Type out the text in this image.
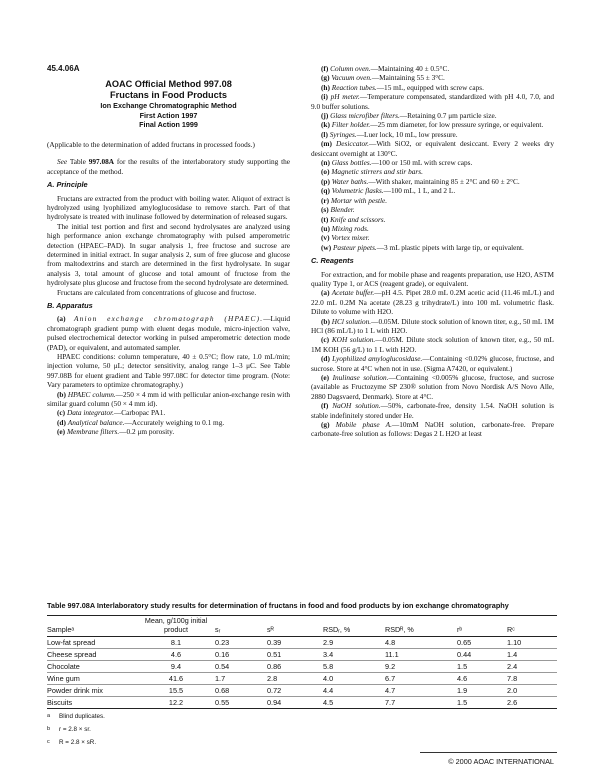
45.4.06A
AOAC Official Method 997.08
Fructans in Food Products
Ion Exchange Chromatographic Method
First Action 1997
Final Action 1999

(Applicable to the determination of added fructans in processed foods.)

See Table 997.08A for the results of the interlaboratory study supporting the acceptance of the method.

A. Principle

Fructans are extracted from the product with boiling water. Aliquot of extract is hydrolyzed using lyophilized amyloglucosidase to remove starch. Part of that hydrolysate is treated with inulinase followed by determination of released sugars.

The initial test portion and first and second hydrolysates are analyzed using high performance anion exchange chromatography with pulsed amperometric detection (HPAEC–PAD). In sugar analysis 1, free fructose and sucrose are determined in initial extract. In sugar analysis 2, sum of free glucose and glucose from maltodextrins and starch are determined in the first hydrolysate. In sugar analysis 3, total amount of glucose and total amount of fructose from the hydrolysate plus glucose and fructose from the second hydrolysate are determined.

Fructans are calculated from concentrations of glucose and fructose.

B. Apparatus

(a) Anion exchange chromatograph (HPAEC).—Liquid chromatograph gradient pump with eluent degas module, micro-injection valve, pulsed electrochemical detector working in pulsed amperometric detection mode (PAD), or equivalent, and automated sampler.

HPAEC conditions: column temperature, 40 ± 0.5°C; flow rate, 1.0 mL/min; injection volume, 50 μL; detector sensitivity, analog range 1–3 μC. See Table 997.08B for eluent gradient and Table 997.08C for detector time program. (Note: Vary parameters to optimize chromatography.)

(b) HPAEC column.—250 × 4 mm id with pellicular anion-exchange resin with similar guard column (50 × 4 mm id).

(c) Data integrator.—Carbopac PA1.

(d) Analytical balance.—Accurately weighing to 0.1 mg.

(e) Membrane filters.—0.2 μm porosity.

(f) Column oven.—Maintaining 40 ± 0.5°C.

(g) Vacuum oven.—Maintaining 55 ± 3°C.

(h) Reaction tubes.—15 mL, equipped with screw caps.

(i) pH meter.—Temperature compensated, standardized with pH 4.0, 7.0, and 9.0 buffer solutions.

(j) Glass microfiber filters.—Retaining 0.7 μm particle size.

(k) Filter holder.—25 mm diameter, for low pressure syringe, or equivalent.

(l) Syringes.—Luer lock, 10 mL, low pressure.

(m) Desiccator.—With SiO2, or equivalent desiccant. Every 2 weeks dry desiccant overnight at 130°C.

(n) Glass bottles.—100 or 150 mL with screw caps.

(o) Magnetic stirrers and stir bars.

(p) Water baths.—With shaker, maintaining 85 ± 2°C and 60 ± 2°C.

(q) Volumetric flasks.—100 mL, 1 L, and 2 L.

(r) Mortar with pestle.

(s) Blender.

(t) Knife and scissors.

(u) Mixing rods.

(v) Vortex mixer.

(w) Pasteur pipets.—3 mL plastic pipets with large tip, or equivalent.

C. Reagents

For extraction, and for mobile phase and reagents preparation, use H2O, ASTM quality Type 1, or ACS (reagent grade), or equivalent.

(a) Acetate buffer.—pH 4.5. Pipet 28.0 mL 0.2M acetic acid (11.46 mL/L) and 22.0 mL 0.2M Na acetate (28.23 g trihydrate/L) into 100 mL volumetric flask. Dilute to volume with H2O.

(b) HCl solution.—0.05M. Dilute stock solution of known titer, e.g., 50 mL 1M HCl (86 mL/L) to 1 L with H2O.

(c) KOH solution.—0.05M. Dilute stock solution of known titer, e.g., 50 mL 1M KOH (56 g/L) to 1 L with H2O.

(d) Lyophilized amyloglucosidase.—Containing <0.02% glucose, fructose, and sucrose. Store at 4°C when not in use. (Sigma A7420, or equivalent.)

(e) Inulinase solution.—Containing <0.005% glucose, fructose, and sucrose (available as Fructozyme SP 230® solution from Novo Nordisk A/S Novo Alle, 2880 Dagsvaerd, Denmark). Store at 4°C.

(f) NaOH solution.—50%, carbonate-free, density 1.54. NaOH solution is stable indefinitely stored under He.

(g) Mobile phase A.—10mM NaOH solution, carbonate-free. Prepare carbonate-free solution as follows: Degas 2 L H2O at least

Table 997.08A Interlaboratory study results for determination of fructans in food and food products by ion exchange chromatography
Sampleᵃ	Mean, g/100g initial product	sᵣ	sᴿ	RSDᵣ, %	RSDᴿ, %	rᵇ	Rᶜ
Low-fat spread	8.1	0.23	0.39	2.9	4.8	0.65	1.10
Cheese spread	4.6	0.16	0.51	3.4	11.1	0.44	1.4
Chocolate	9.4	0.54	0.86	5.8	9.2	1.5	2.4
Wine gum	41.6	1.7	2.8	4.0	6.7	4.6	7.8
Powder drink mix	15.5	0.68	0.72	4.4	4.7	1.9	2.0
Biscuits	12.2	0.55	0.94	4.5	7.7	1.5	2.6
a Blind duplicates.
b r = 2.8 × sr.
c R = 2.8 × sR.
© 2000 AOAC INTERNATIONAL
